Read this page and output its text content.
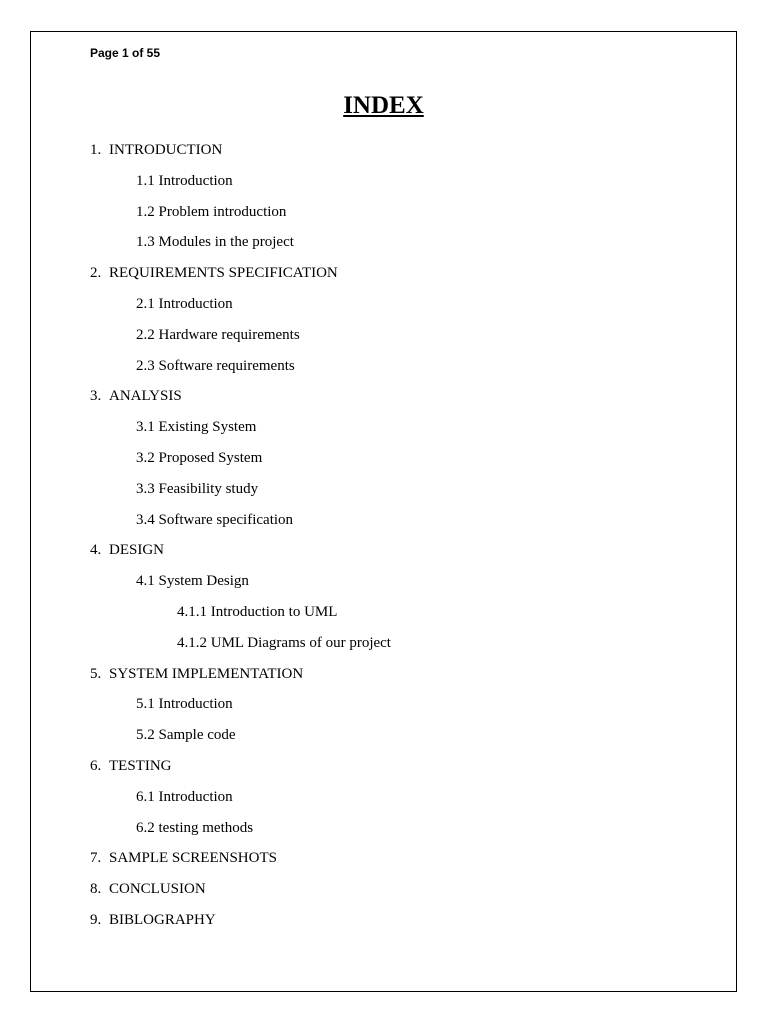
Page 1 of 55
INDEX
1. INTRODUCTION
1.1 Introduction
1.2 Problem introduction
1.3 Modules in the project
2. REQUIREMENTS SPECIFICATION
2.1 Introduction
2.2 Hardware requirements
2.3 Software requirements
3. ANALYSIS
3.1 Existing System
3.2 Proposed System
3.3 Feasibility study
3.4 Software specification
4. DESIGN
4.1 System Design
4.1.1 Introduction to UML
4.1.2 UML Diagrams of our project
5. SYSTEM IMPLEMENTATION
5.1 Introduction
5.2 Sample code
6. TESTING
6.1 Introduction
6.2 testing methods
7. SAMPLE SCREENSHOTS
8. CONCLUSION
9. BIBLOGRAPHY
